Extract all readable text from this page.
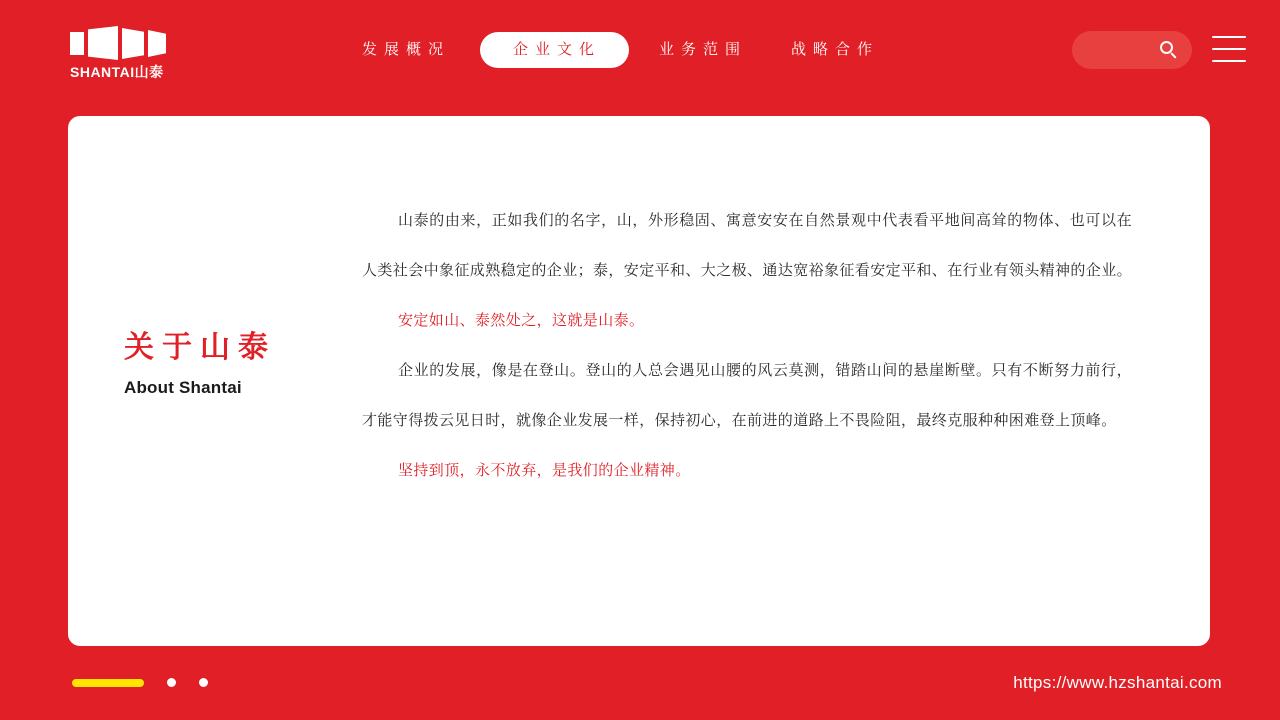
SHANTAI山泰
发展概况	企业文化	业务范围	战略合作
关于山泰
About Shantai

山泰的由来，正如我们的名字，山，外形稳固、寓意安安在自然景观中代表看平地间高耸的物体、也可以在人类社会中象征成熟稳定的企业；泰，安定平和、大之极、通达宽裕象征看安定平和、在行业有领头精神的企业。

安定如山、泰然处之，这就是山泰。

企业的发展，像是在登山。登山的人总会遇见山腰的风云莫测，错踏山间的悬崖断壁。只有不断努力前行，才能守得拨云见日时，就像企业发展一样，保持初心，在前进的道路上不畏险阻，最终克服种种困难登上顶峰。

坚持到顶，永不放弃，是我们的企业精神。

https://www.hzshantai.com
